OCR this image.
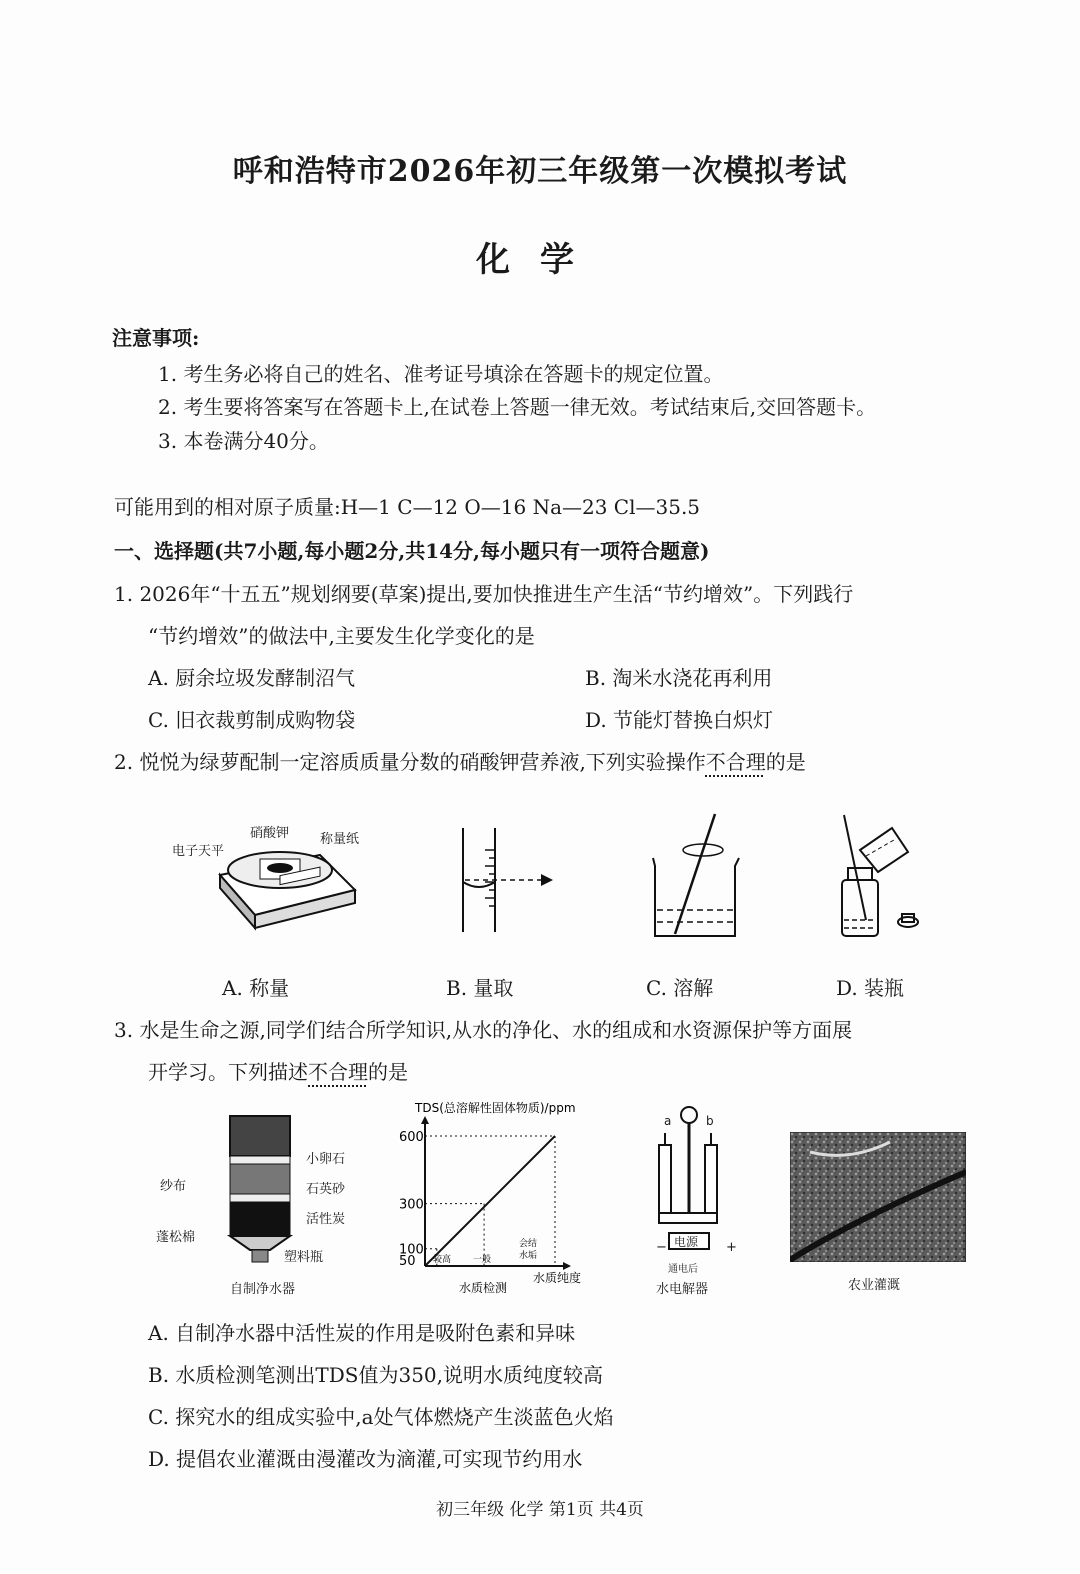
呼和浩特市2026年初三年级第一次模拟考试
化学
注意事项:
1. 考生务必将自己的姓名、准考证号填涂在答题卡的规定位置。
2. 考生要将答案写在答题卡上,在试卷上答题一律无效。考试结束后,交回答题卡。
3. 本卷满分40分。
可能用到的相对原子质量:H—1 C—12 O—16 Na—23 Cl—35.5
一、选择题(共7小题,每小题2分,共14分,每小题只有一项符合题意)
1. 2026年“十五五”规划纲要(草案)提出,要加快推进生产生活“节约增效”。下列践行
“节约增效”的做法中,主要发生化学变化的是
A. 厨余垃圾发酵制沼气	B. 淘米水浇花再利用
C. 旧衣裁剪制成购物袋	D. 节能灯替换白炽灯
2. 悦悦为绿萝配制一定溶质质量分数的硝酸钾营养液,下列实验操作不合理的是
电子天平
硝酸钾 称量纸
A. 称量	B. 量取	C. 溶解	D. 装瓶
3. 水是生命之源,同学们结合所学知识,从水的净化、水的组成和水资源保护等方面展
开学习。下列描述不合理的是
小卵石
石英砂
活性炭
纱布
蓬松棉
塑料瓶
自制净水器
TDS(总溶解性固体物质)/ppm
600
300
100
50 较高 一般
会结
水垢
水质检测
水质纯度
a	b
电源
−	+
通电后
水电解器	农业灌溉
A. 自制净水器中活性炭的作用是吸附色素和异味
B. 水质检测笔测出TDS值为350,说明水质纯度较高
C. 探究水的组成实验中,a处气体燃烧产生淡蓝色火焰
D. 提倡农业灌溉由漫灌改为滴灌,可实现节约用水
初三年级 化学 第1页 共4页
